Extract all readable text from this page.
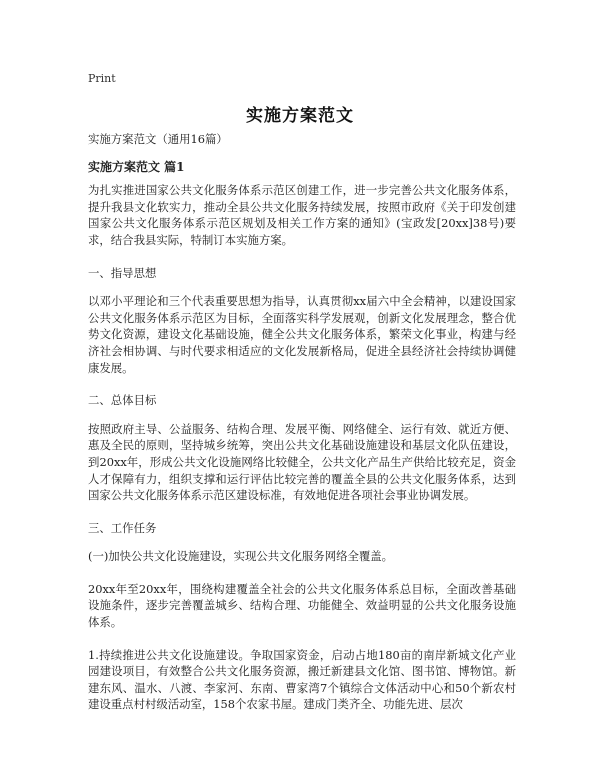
Print
实施方案范文

实施方案范文（通用16篇）

实施方案范文 篇1

为扎实推进国家公共文化服务体系示范区创建工作，进一步完善公共文化服务体系，提升我县文化软实力，推动全县公共文化服务持续发展，按照市政府《关于印发创建国家公共文化服务体系示范区规划及相关工作方案的通知》(宝政发[20xx]38号)要求，结合我县实际，特制订本实施方案。

一、指导思想

以邓小平理论和三个代表重要思想为指导，认真贯彻xx届六中全会精神，以建设国家公共文化服务体系示范区为目标，全面落实科学发展观，创新文化发展理念，整合优势文化资源，建设文化基础设施，健全公共文化服务体系，繁荣文化事业，构建与经济社会相协调、与时代要求相适应的文化发展新格局，促进全县经济社会持续协调健康发展。

二、总体目标

按照政府主导、公益服务、结构合理、发展平衡、网络健全、运行有效、就近方便、惠及全民的原则，坚持城乡统筹，突出公共文化基础设施建设和基层文化队伍建设，到20xx年，形成公共文化设施网络比较健全，公共文化产品生产供给比较充足，资金人才保障有力，组织支撑和运行评估比较完善的覆盖全县的公共文化服务体系，达到国家公共文化服务体系示范区建设标准，有效地促进各项社会事业协调发展。

三、工作任务

(一)加快公共文化设施建设，实现公共文化服务网络全覆盖。

20xx年至20xx年，围绕构建覆盖全社会的公共文化服务体系总目标，全面改善基础设施条件，逐步完善覆盖城乡、结构合理、功能健全、效益明显的公共文化服务设施体系。

1.持续推进公共文化设施建设。争取国家资金，启动占地180亩的南岸新城文化产业园建设项目，有效整合公共文化服务资源，搬迁新建县文化馆、图书馆、博物馆。新建东风、温水、八渡、李家河、东南、曹家湾7个镇综合文体活动中心和50个新农村建设重点村村级活动室，158个农家书屋。建成门类齐全、功能先进、层次
